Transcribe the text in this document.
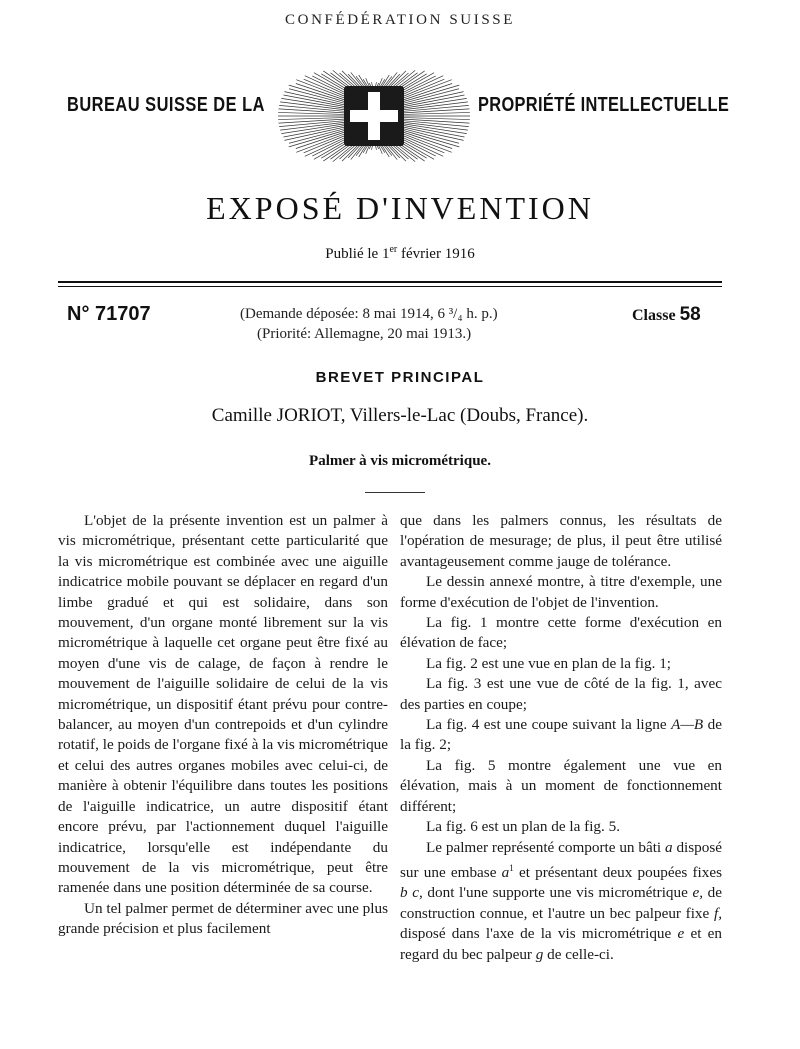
CONFÉDÉRATION SUISSE
BUREAU SUISSE DE LA	PROPRIÉTÉ INTELLECTUELLE
EXPOSÉ D'INVENTION
Publié le 1er février 1916
N° 71707	(Demande déposée: 8 mai 1914, 6 ³/₄ h. p.)
(Priorité: Allemagne, 20 mai 1913.)
Classe 58
BREVET PRINCIPAL
Camille JORIOT, Villers-le-Lac (Doubs, France).
Palmer à vis micrométrique.

L'objet de la présente invention est un palmer à vis micrométrique, présentant cette particularité que la vis micrométrique est combinée avec une aiguille indicatrice mobile pouvant se déplacer en regard d'un limbe gradué et qui est solidaire, dans son mouvement, d'un organe monté librement sur la vis micrométrique à laquelle cet organe peut être fixé au moyen d'une vis de calage, de façon à rendre le mouvement de l'aiguille solidaire de celui de la vis micrométrique, un dispositif étant prévu pour contre-balancer, au moyen d'un contrepoids et d'un cylindre rotatif, le poids de l'organe fixé à la vis micrométrique et celui des autres organes mobiles avec celui-ci, de manière à obtenir l'équilibre dans toutes les positions de l'aiguille indicatrice, un autre dispositif étant encore prévu, par l'actionnement duquel l'aiguille indicatrice, lorsqu'elle est indépendante du mouvement de la vis micrométrique, peut être ramenée dans une position déterminée de sa course.

Un tel palmer permet de déterminer avec une plus grande précision et plus facilement

que dans les palmers connus, les résultats de l'opération de mesurage; de plus, il peut être utilisé avantageusement comme jauge de tolérance.

Le dessin annexé montre, à titre d'exemple, une forme d'exécution de l'objet de l'invention.

La fig. 1 montre cette forme d'exécution en élévation de face;

La fig. 2 est une vue en plan de la fig. 1;

La fig. 3 est une vue de côté de la fig. 1, avec des parties en coupe;

La fig. 4 est une coupe suivant la ligne A—B de la fig. 2;

La fig. 5 montre également une vue en élévation, mais à un moment de fonctionnement différent;

La fig. 6 est un plan de la fig. 5.

Le palmer représenté comporte un bâti a disposé sur une embase $a^1$ et présentant deux poupées fixes b c, dont l'une supporte une vis micrométrique e, de construction connue, et l'autre un bec palpeur fixe f, disposé dans l'axe de la vis micrométrique e et en regard du bec palpeur g de celle-ci.
